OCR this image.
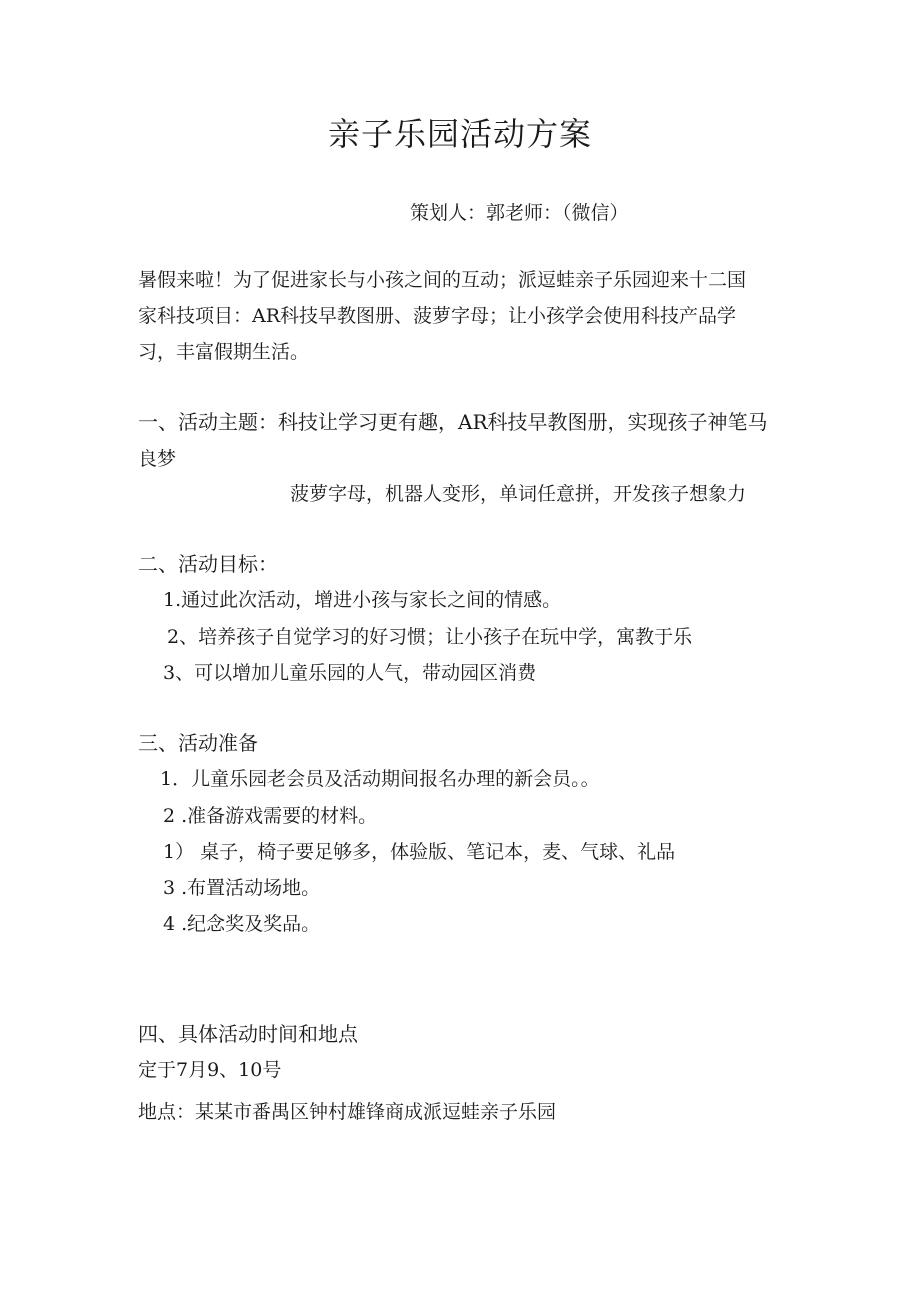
亲子乐园活动方案
策划人：郭老师：（微信）
暑假来啦！为了促进家长与小孩之间的互动；派逗蛙亲子乐园迎来十二国
家科技项目：AR科技早教图册、菠萝字母；让小孩学会使用科技产品学
习，丰富假期生活。
一、活动主题：科技让学习更有趣，AR科技早教图册，实现孩子神笔马
良梦
菠萝字母，机器人变形，单词任意拼，开发孩子想象力
二、活动目标：
1.通过此次活动，增进小孩与家长之间的情感。
2、培养孩子自觉学习的好习惯；让小孩子在玩中学，寓教于乐
3、可以增加儿童乐园的人气，带动园区消费
三、活动准备
1．儿童乐园老会员及活动期间报名办理的新会员。。
2 .准备游戏需要的材料。
1） 桌子，椅子要足够多，体验版、笔记本，麦、气球、礼品
3 .布置活动场地。
4 .纪念奖及奖品。
四、具体活动时间和地点
定于7月9、10号
地点：某某市番禺区钟村雄锋商成派逗蛙亲子乐园
